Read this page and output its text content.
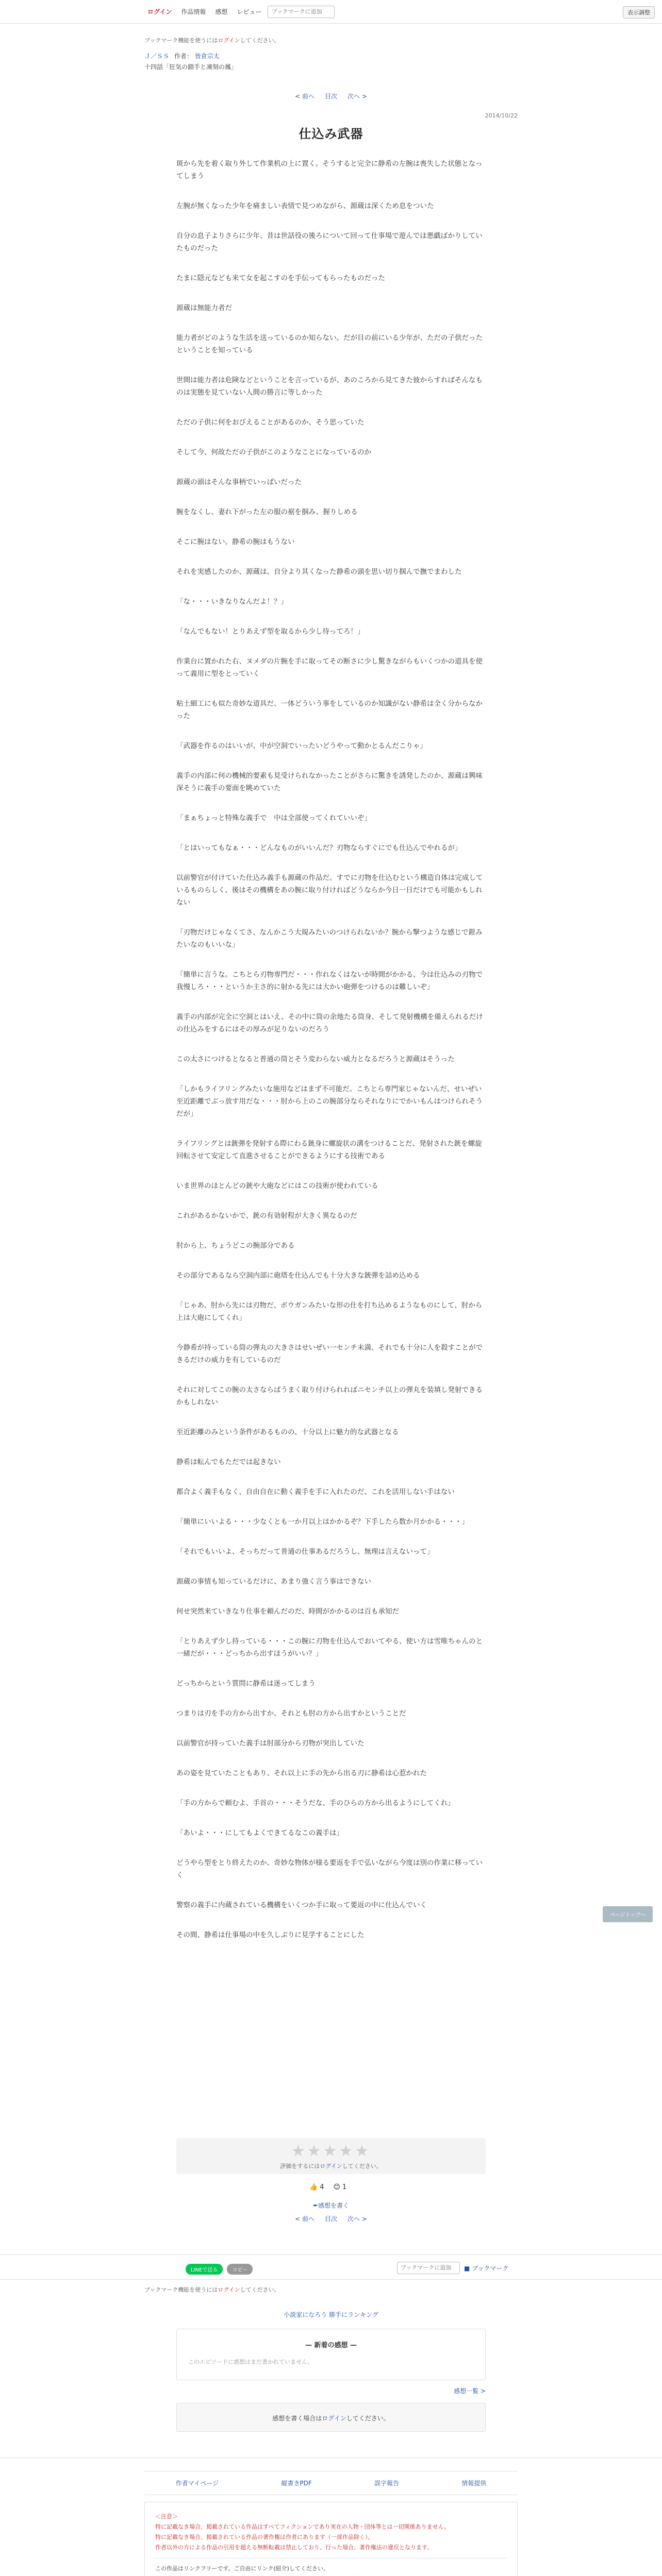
ログイン	作品情報	感想	レビュー
ブックマークに追加	表示調整
ブックマーク機能を使うにはログインしてください。
Ｊ／ＳＳ 作者： 皆倉宗太
十四話「狂気の鎖手と凍刻の鳳」
< 前へ 目次 次へ >
2014/10/22
仕込み武器

斑から先を着く取り外して作業机の上に置く。そうすると完全に静希の左腕は喪失した状態となってしまう

左腕が無くなった少年を痛ましい表情で見つめながら、源蔵は深くため息をついた

自分の息子よりさらに少年、昔は世話役の後ろについて回って仕事場で遊んでは悪戯ばかりしていたものだった

たまに隠元なども来て女を起こすのを手伝ってもらったものだった

源蔵は無能力者だ

能力者がどのような生活を送っているのか知らない。だが目の前にいる少年が、ただの子供だったということを知っている

世間は能力者は危険などということを言っているが、あのころから見てきた彼からすればそんなものは実態を見ていない人間の勝言に等しかった

ただの子供に何をおびえることがあるのか、そう思っていた

そして今、何故ただの子供がこのようなことになっているのか

源蔵の頭はそんな事柄でいっぱいだった

腕をなくし、妻れ下がった左の服の裾を掴み、握りしめる

そこに腕はない。静希の腕はもうない

それを実感したのか、源蔵は、自分より其くなった静希の頭を思い切り掴んで撫でまわした

「な・・・いきなりなんだよ！？」

「なんでもない！とりあえず型を取るから少し待ってろ！」

作業台に置かれた右、ヌメダの片腕を手に取ってその断さに少し驚きながらもいくつかの道具を使って義用に型をとっていく

粘土細工にも似た奇妙な道具だ、一体どういう事をしているのか知識がない静希は全く分からなかった

「武器を作るのはいいが、中が空洞でいったいどうやって動かとるんだこりゃ」

義手の内部に何の機械的要素も見受けられなかったことがさらに驚きを誘発したのか、源蔵は興味深そうに義手の要面を眺めていた

「まぁちょっと特殊な義手で　中は全部使ってくれていいぞ」

「とはいってもなぁ・・・どんなものがいいんだ？刃物ならすぐにでも仕込んでやれるが」

以前警官が付けていた仕込み義手も源蔵の作品だ。すでに刃物を仕込むという構造自体は完成しているものらしく、後はその機構をあの腕に取り付ければどうならか今日一日だけでも可能かもしれない

「刃物だけじゃなくてさ、なんかこう大規みたいのつけられないか？腕から撃つような感じで鎧みたいなのもいいな」

「簡単に言うな。こちとら刃物専門だ・・・作れなくはないが時間がかかる、今は仕込みの刃物で我慢しろ・・・というか主さ的に射かる先には大かい砲弾をつけるのは難しいぞ」

義手の内部が完全に空洞とはいえ、その中に筒の余地たる筒身、そして発射機構を備えられるだけの仕込みをするにはその厚みが足りないのだろう

この太さにつけるとなると普通の筒とそう変わらない威力となるだろうと源蔵はそうった

「しかもライフリングみたいな施用などはまず不可能だ。こちとら専門家じゃないんだ、せいぜい至近距離でぶっ放す用だな・・・肘から上のこの腕部分ならそれなりにでかいもんはつけられそうだが」

ライフリングとは銃弾を発射する際にわる銃身に螺旋状の溝をつけることだ、発射された銃を螺旋回転させて安定して直進させることができるようにする技術である

いま世界のほとんどの銃や大砲などにはこの技術が使われている

これがあるかないかで、銃の有効射程が大きく異なるのだ

肘から上、ちょうどこの腕部分である

その部分であるなら空洞内部に砲塔を仕込んでも十分大きな銃弾を詰め込める

「じゃあ、肘から先には刃物だ、ボウガンみたいな形の仕を打ち込めるようなものにして、肘から上は大砲にしてくれ」

今静希が持っている筒の弾丸の大きさはせいぜい一センチ未満、それでも十分に人を殺すことができるだけの威力を有しているのだ

それに対してこの腕の太さならばうまく取り付けられればニセンチ以上の弾丸を装填し発射できるかもしれない

至近距離のみという条件があるものの、十分以上に魅力的な武器となる

静希は転んでもただでは起きない

都合よく義手もなく、自由自在に動く義手を手に入れたのだ、これを活用しない手はない

「簡単にいいよる・・・少なくとも一か月以上はかかるぞ？下手したら数か月かかる・・・」

「それでもいいよ、そっちだって普通の仕事あるだろうし、無理は言えないって」

源蔵の事情も知っているだけに、あまり強く言う事はできない

何せ突然来ていきなり仕事を頼んだのだ、時間がかかるのは百も承知だ

「とりあえず少し持っている・・・この腕に刃物を仕込んでおいてやる、使い方は雪唯ちゃんのと一緒だが・・・どっちから出すほうがいい？」

どっちからという質問に静希は迷ってしまう

つまりは刃を手の方から出すか、それとも肘の方から出すかということだ

以前警官が持っていた義手は肘部分から刃物が突出していた

あの姿を見ていたこともあり、それ以上に手の先から出る刃に静希は心惹かれた

「手の方からで頼むよ、手首の・・・そうだな、手のひらの方から出るようにしてくれ」

「あいよ・・・にしてもよくできてるなこの義手は」

どうやら型をとり終えたのか、奇妙な物体が様る要返を手で弘いながら今度は別の作業に移っていく

警察の義手に内蔵されている機構をいくつか手に取って要返の中に仕込んでいく

その間、静希は仕事場の中を久しぶりに見学することにした

★★★★★
評価をするにはログインしてください。
👍 4 😊 1
✒感想を書く
< 前へ 目次 次へ >
LINEで送る	コピー
ブックマークに追加	■ ブックマーク
ブックマーク機能を使うにはログインしてください。
小説家になろう 勝手にランキング
— 新着の感想 —
このエピソードに感想はまだ書かれていません。
感想一覧 >
感想を書く場合はログインしてください。
作者マイページ	縦書きPDF	誤字報告	情報提供
＜注意＞
特に記載なき場合、掲載されている作品はすべてフィクションであり実在の人物・団体等とは一切関係ありません。
特に記載なき場合、掲載されている作品の著作権は作者にあります（一部作品除く）。
作者以外の方による作品の引用を超える無断転載は禁止しており、行った場合、著作権法の違反となります。
この作品はリンクフリーです。ご自由にリンク(紹介)してください。
ページトップへ
